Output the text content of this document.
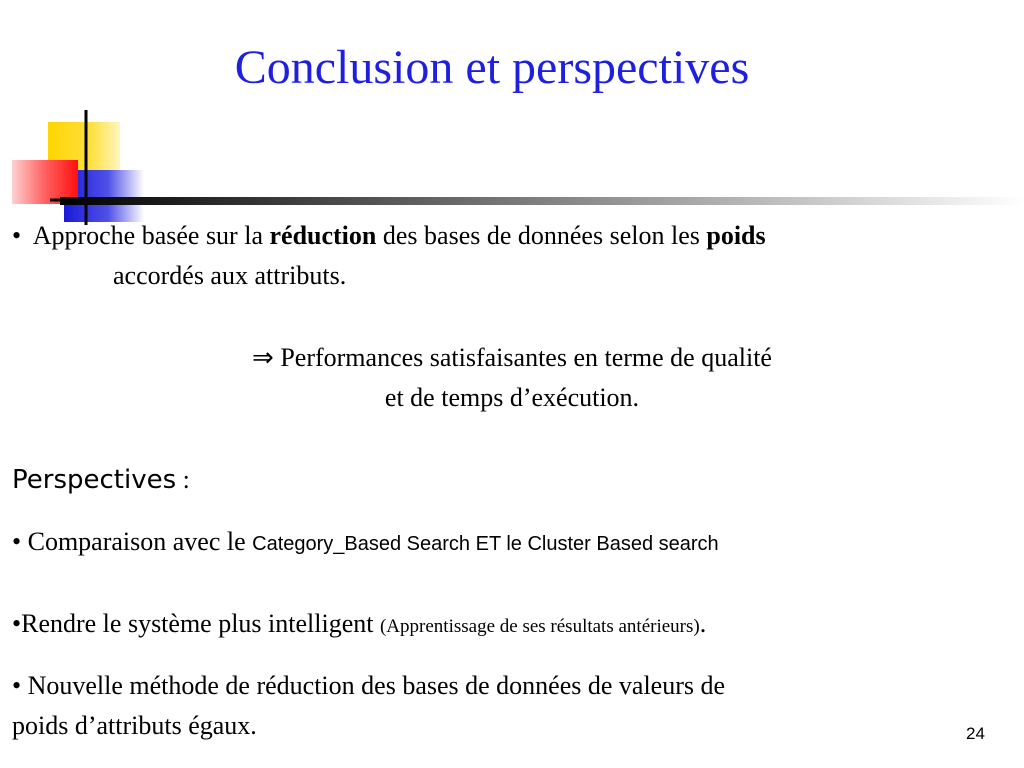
Conclusion et perspectives
• Approche basée sur la réduction des bases de données selon les poids
accordés aux attributs.
⇒ Performances satisfaisantes en terme de qualité
et de temps d’exécution.
Perspectives :
• Comparaison avec le Category_Based Search ET le Cluster Based search
•Rendre le système plus intelligent (Apprentissage de ses résultats antérieurs).
• Nouvelle méthode de réduction des bases de données de valeurs de
poids d’attributs égaux.	24
